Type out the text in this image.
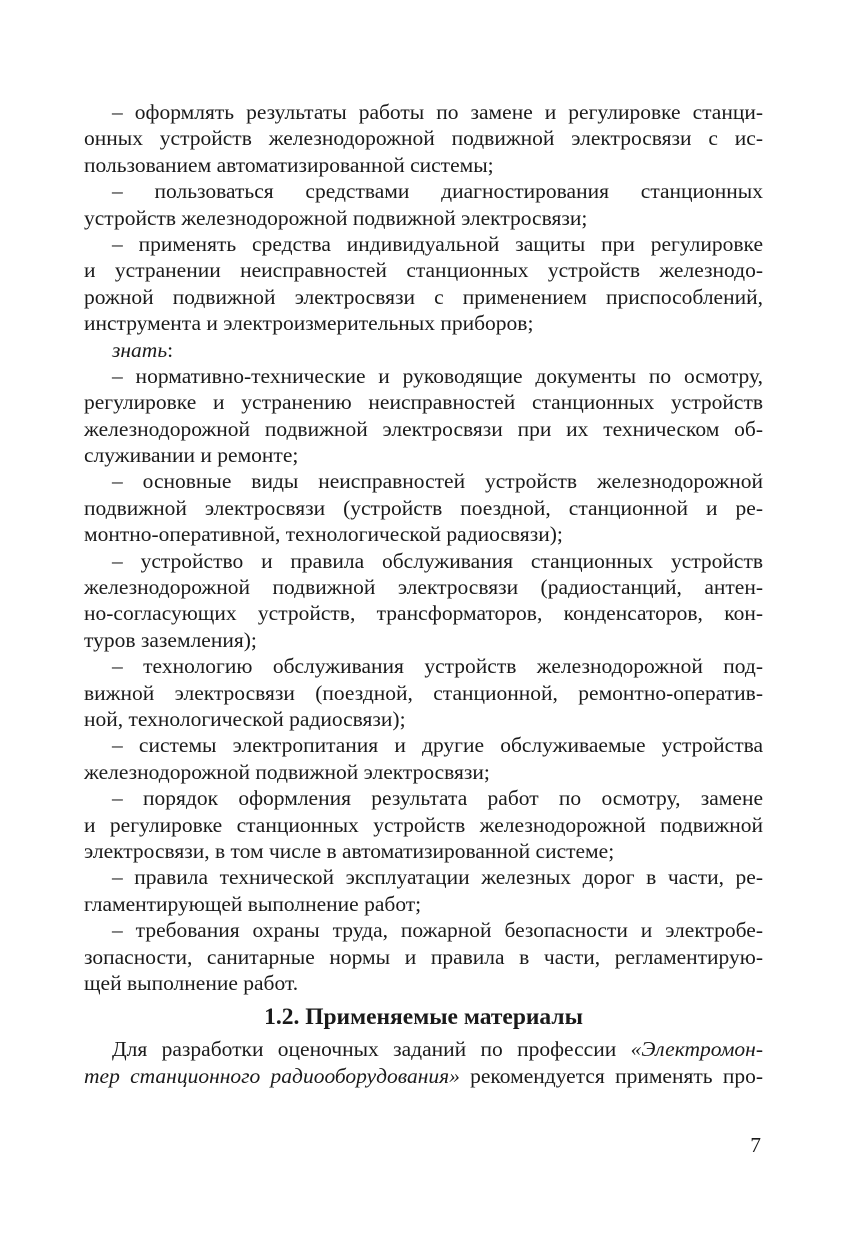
– оформлять результаты работы по замене и регулировке станци-
онных устройств железнодорожной подвижной электросвязи с ис-
пользованием автоматизированной системы;
– пользоваться средствами диагностирования станционных
устройств железнодорожной подвижной электросвязи;
– применять средства индивидуальной защиты при регулировке
и устранении неисправностей станционных устройств железнодо-
рожной подвижной электросвязи с применением приспособлений,
инструмента и электроизмерительных приборов;
знать:
– нормативно-технические и руководящие документы по осмотру,
регулировке и устранению неисправностей станционных устройств
железнодорожной подвижной электросвязи при их техническом об-
служивании и ремонте;
– основные виды неисправностей устройств железнодорожной
подвижной электросвязи (устройств поездной, станционной и ре-
монтно-оперативной, технологической радиосвязи);
– устройство и правила обслуживания станционных устройств
железнодорожной подвижной электросвязи (радиостанций, антен-
но-согласующих устройств, трансформаторов, конденсаторов, кон-
туров заземления);
– технологию обслуживания устройств железнодорожной под-
вижной электросвязи (поездной, станционной, ремонтно-оператив-
ной, технологической радиосвязи);
– системы электропитания и другие обслуживаемые устройства
железнодорожной подвижной электросвязи;
– порядок оформления результата работ по осмотру, замене
и регулировке станционных устройств железнодорожной подвижной
электросвязи, в том числе в автоматизированной системе;
– правила технической эксплуатации железных дорог в части, ре-
гламентирующей выполнение работ;
– требования охраны труда, пожарной безопасности и электробе-
зопасности, санитарные нормы и правила в части, регламентирую-
щей выполнение работ.
1.2. Применяемые материалы
Для разработки оценочных заданий по профессии «Электромон-
тер станционного радиооборудования» рекомендуется применять про-
7
